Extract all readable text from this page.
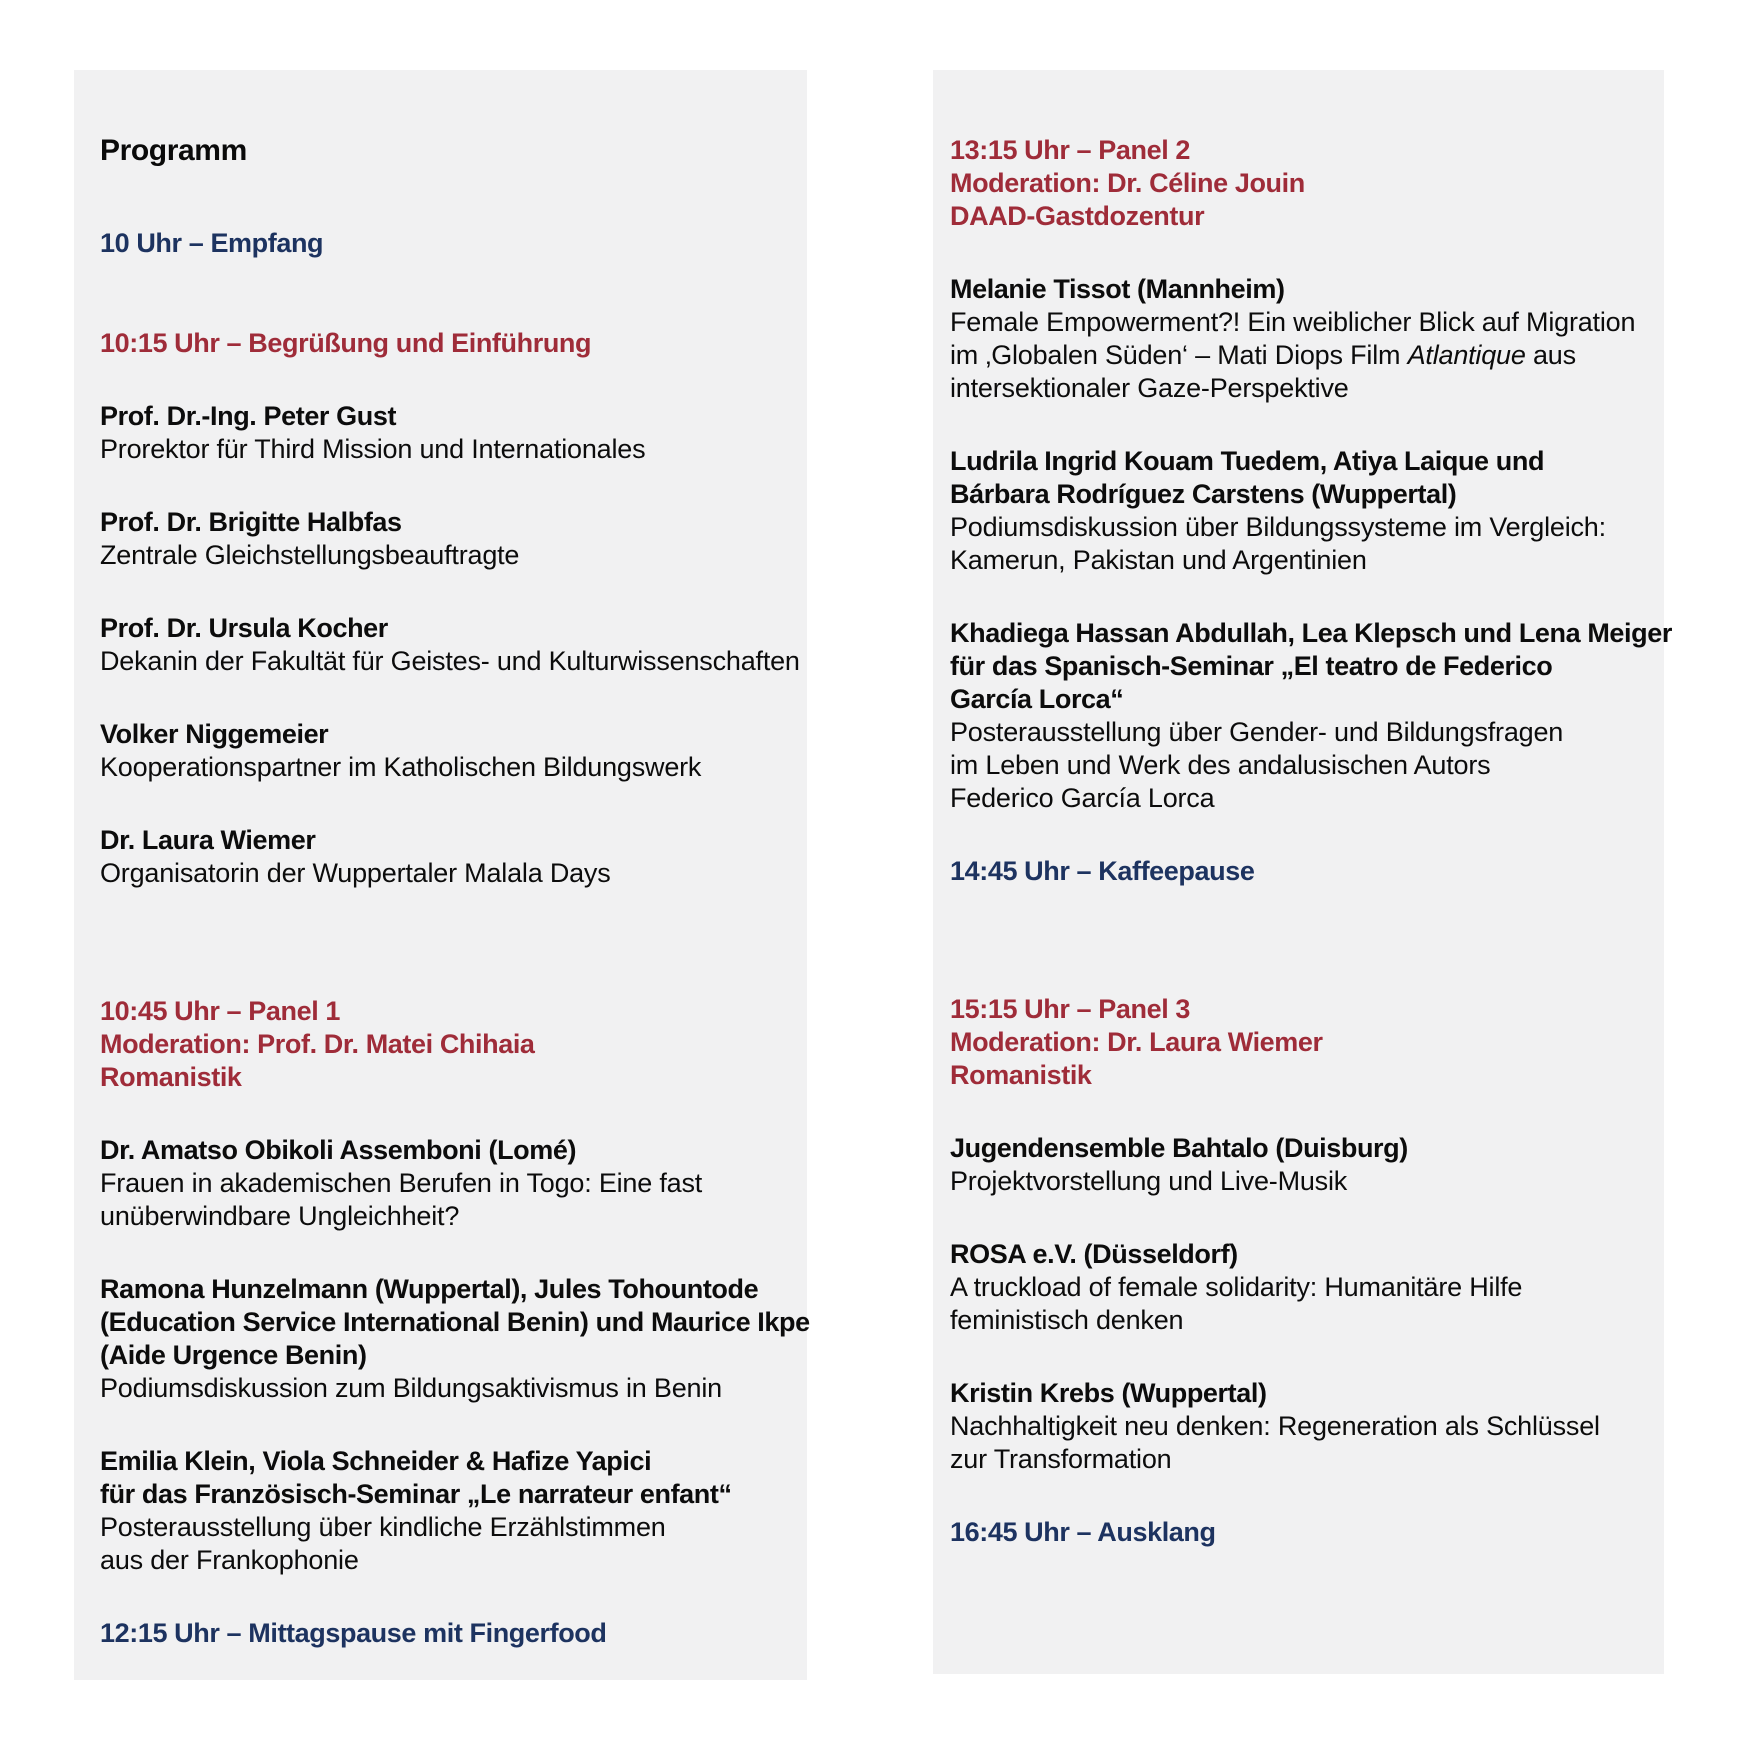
Programm
10 Uhr – Empfang
10:15 Uhr – Begrüßung und Einführung
Prof. Dr.-Ing. Peter Gust
Prorektor für Third Mission und Internationales
Prof. Dr. Brigitte Halbfas
Zentrale Gleichstellungsbeauftragte
Prof. Dr. Ursula Kocher
Dekanin der Fakultät für Geistes- und Kulturwissenschaften
Volker Niggemeier
Kooperationspartner im Katholischen Bildungswerk
Dr. Laura Wiemer
Organisatorin der Wuppertaler Malala Days
10:45 Uhr – Panel 1
Moderation: Prof. Dr. Matei Chihaia
Romanistik
Dr. Amatso Obikoli Assemboni (Lomé)
Frauen in akademischen Berufen in Togo: Eine fast
unüberwindbare Ungleichheit?
Ramona Hunzelmann (Wuppertal), Jules Tohountode
(Education Service International Benin) und Maurice Ikpe
(Aide Urgence Benin)
Podiumsdiskussion zum Bildungsaktivismus in Benin
Emilia Klein, Viola Schneider & Hafize Yapici
für das Französisch-Seminar „Le narrateur enfant“
Posterausstellung über kindliche Erzählstimmen
aus der Frankophonie
12:15 Uhr – Mittagspause mit Fingerfood
13:15 Uhr – Panel 2
Moderation: Dr. Céline Jouin
DAAD-Gastdozentur
Melanie Tissot (Mannheim)
Female Empowerment?! Ein weiblicher Blick auf Migration
im ‚Globalen Süden‘ – Mati Diops Film Atlantique aus
intersektionaler Gaze-Perspektive
Ludrila Ingrid Kouam Tuedem, Atiya Laique und
Bárbara Rodríguez Carstens (Wuppertal)
Podiumsdiskussion über Bildungssysteme im Vergleich:
Kamerun, Pakistan und Argentinien
Khadiega Hassan Abdullah, Lea Klepsch und Lena Meiger
für das Spanisch-Seminar „El teatro de Federico
García Lorca“
Posterausstellung über Gender- und Bildungsfragen
im Leben und Werk des andalusischen Autors
Federico García Lorca
14:45 Uhr – Kaffeepause
15:15 Uhr – Panel 3
Moderation: Dr. Laura Wiemer
Romanistik
Jugendensemble Bahtalo (Duisburg)
Projektvorstellung und Live-Musik
ROSA e.V. (Düsseldorf)
A truckload of female solidarity: Humanitäre Hilfe
feministisch denken
Kristin Krebs (Wuppertal)
Nachhaltigkeit neu denken: Regeneration als Schlüssel
zur Transformation
16:45 Uhr – Ausklang
